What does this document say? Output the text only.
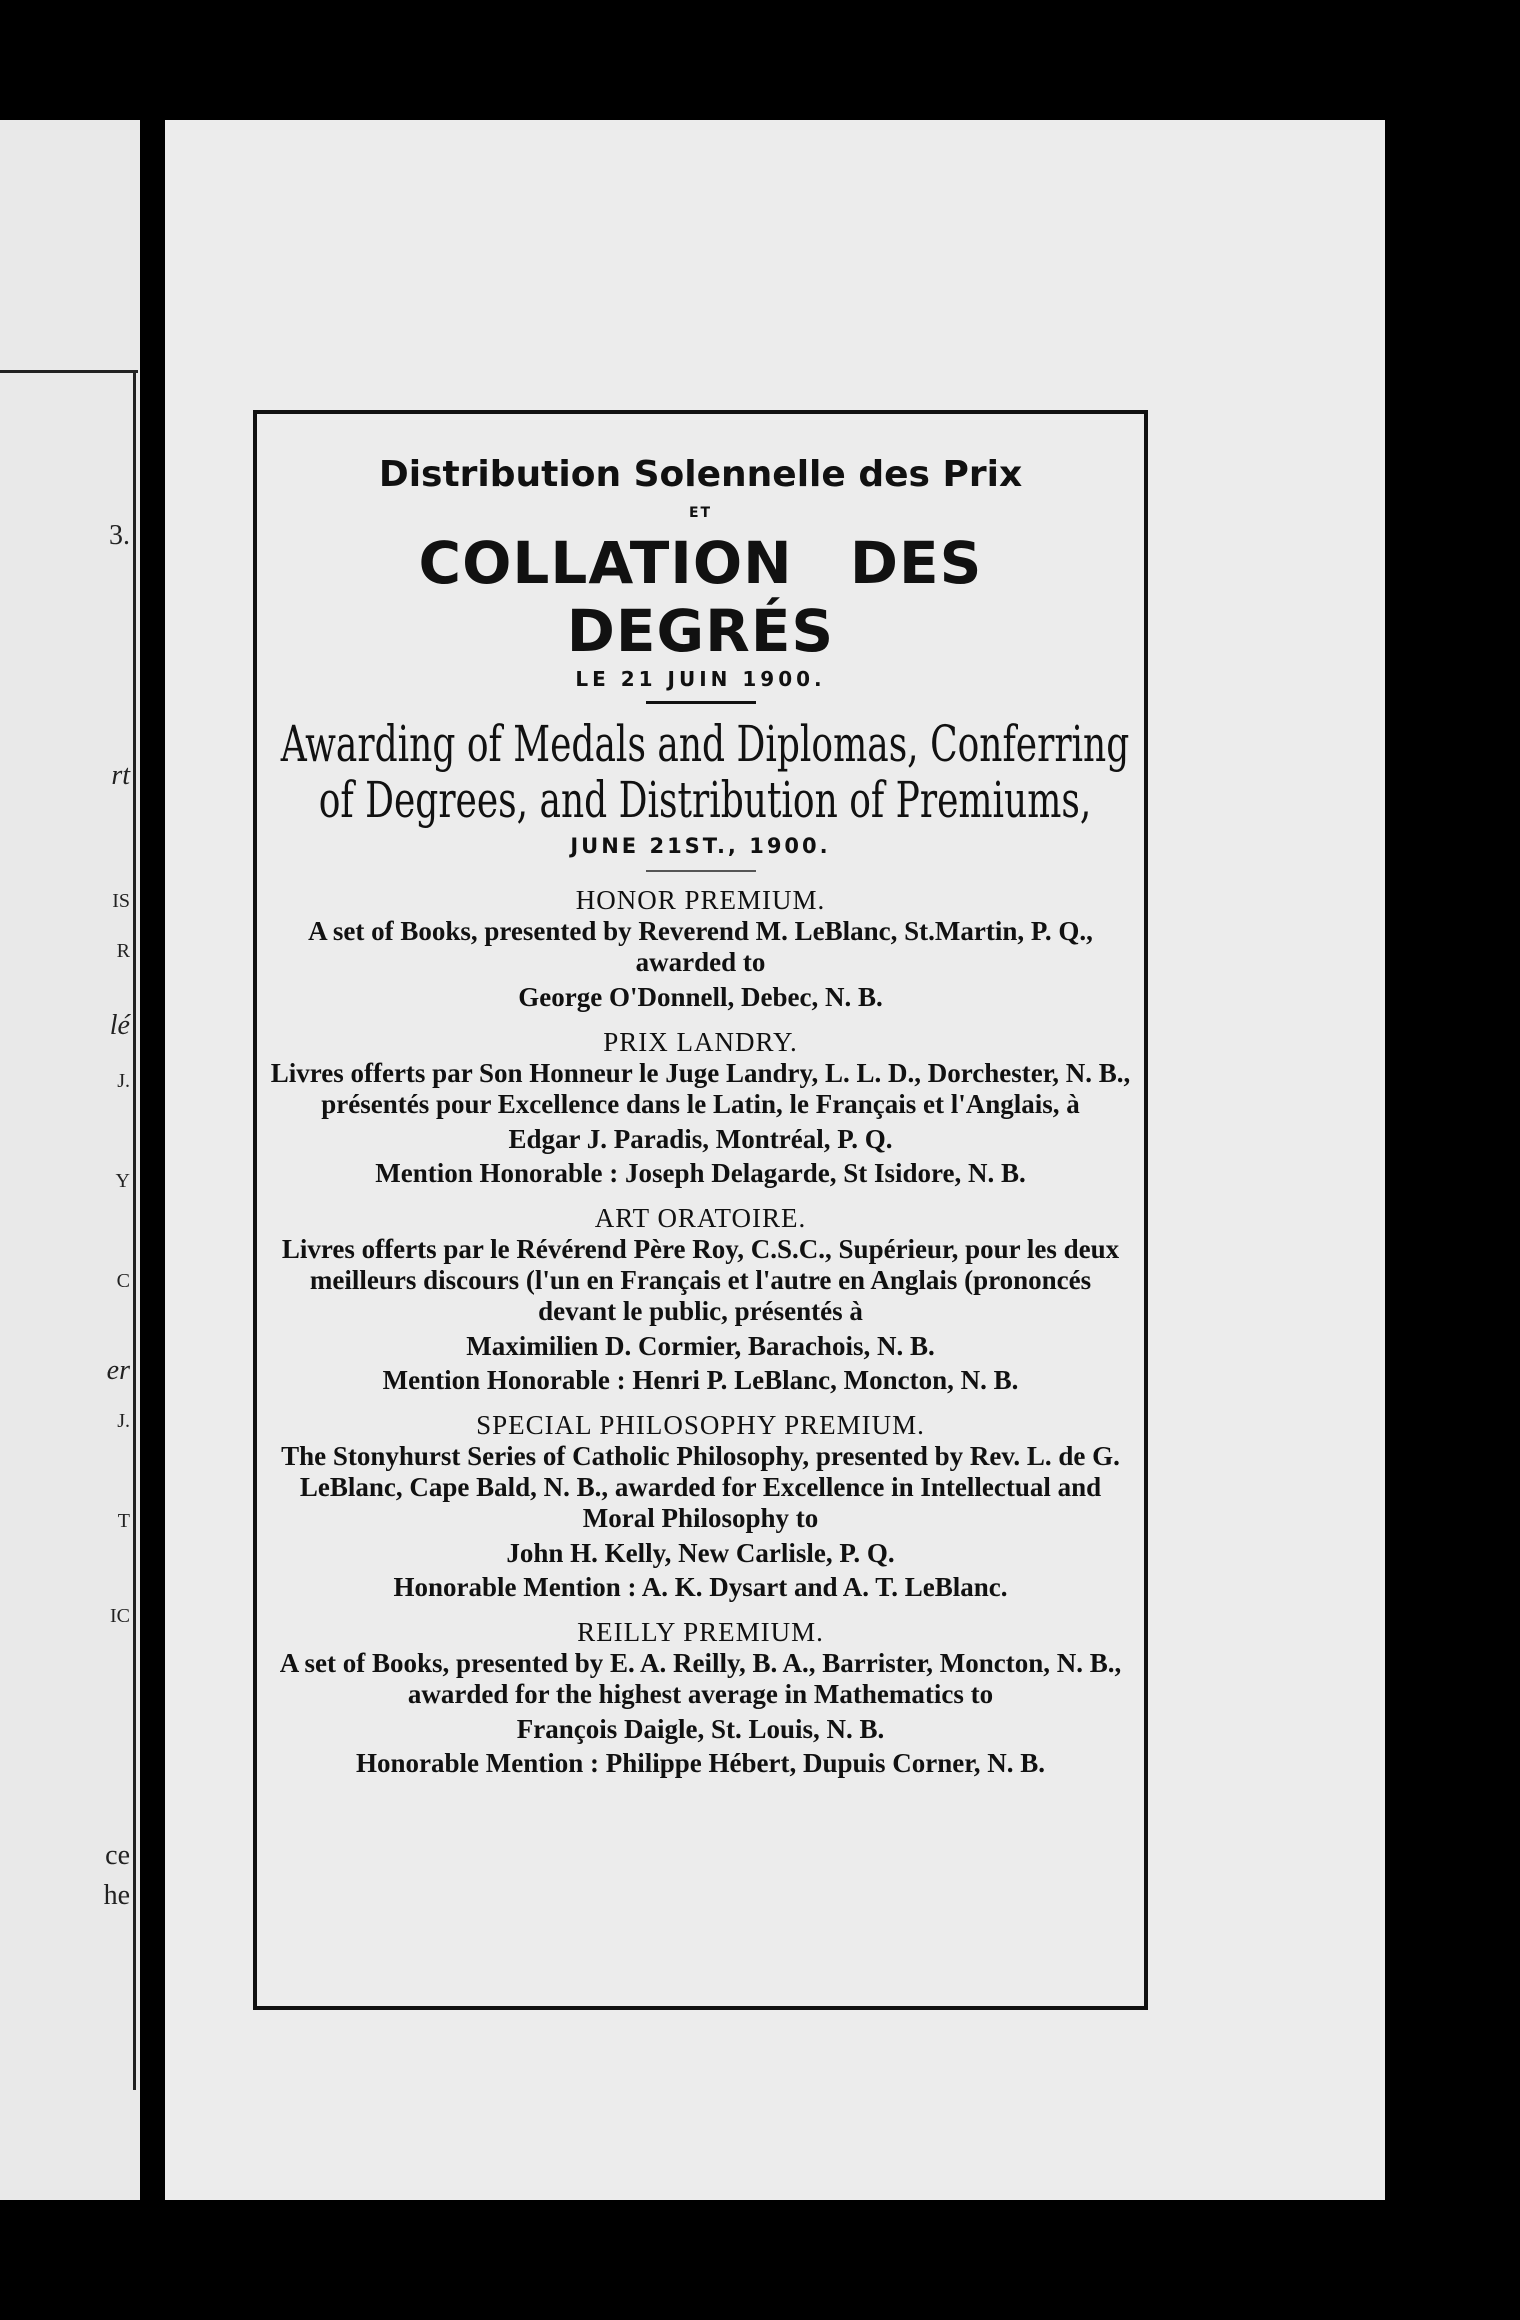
3.
rt
IS
R
lé
J.
Y
C
er
J.
T
IC
ce
he
Distribution Solennelle des Prix
ET
COLLATION DES DEGRÉS
LE 21 JUIN 1900.
Awarding of Medals and Diplomas, Conferring of Degrees, and Distribution of Premiums,
JUNE 21ST., 1900.
HONOR PREMIUM.
A set of Books, presented by Reverend M. LeBlanc, St.Martin, P. Q., awarded to
George O'Donnell, Debec, N. B.
PRIX LANDRY.
Livres offerts par Son Honneur le Juge Landry, L. L. D., Dorchester, N. B., présentés pour Excellence dans le Latin, le Français et l'Anglais, à
Edgar J. Paradis, Montréal, P. Q.
Mention Honorable : Joseph Delagarde, St Isidore, N. B.
ART ORATOIRE.
Livres offerts par le Révérend Père Roy, C.S.C., Supérieur, pour les deux meilleurs discours (l'un en Français et l'autre en Anglais (prononcés devant le public, présentés à
Maximilien D. Cormier, Barachois, N. B.
Mention Honorable : Henri P. LeBlanc, Moncton, N. B.
SPECIAL PHILOSOPHY PREMIUM.
The Stonyhurst Series of Catholic Philosophy, presented by Rev. L. de G. LeBlanc, Cape Bald, N. B., awarded for Excellence in Intellectual and Moral Philosophy to
John H. Kelly, New Carlisle, P. Q.
Honorable Mention : A. K. Dysart and A. T. LeBlanc.
REILLY PREMIUM.
A set of Books, presented by E. A. Reilly, B. A., Barrister, Moncton, N. B., awarded for the highest average in Mathematics to
François Daigle, St. Louis, N. B.
Honorable Mention : Philippe Hébert, Dupuis Corner, N. B.
